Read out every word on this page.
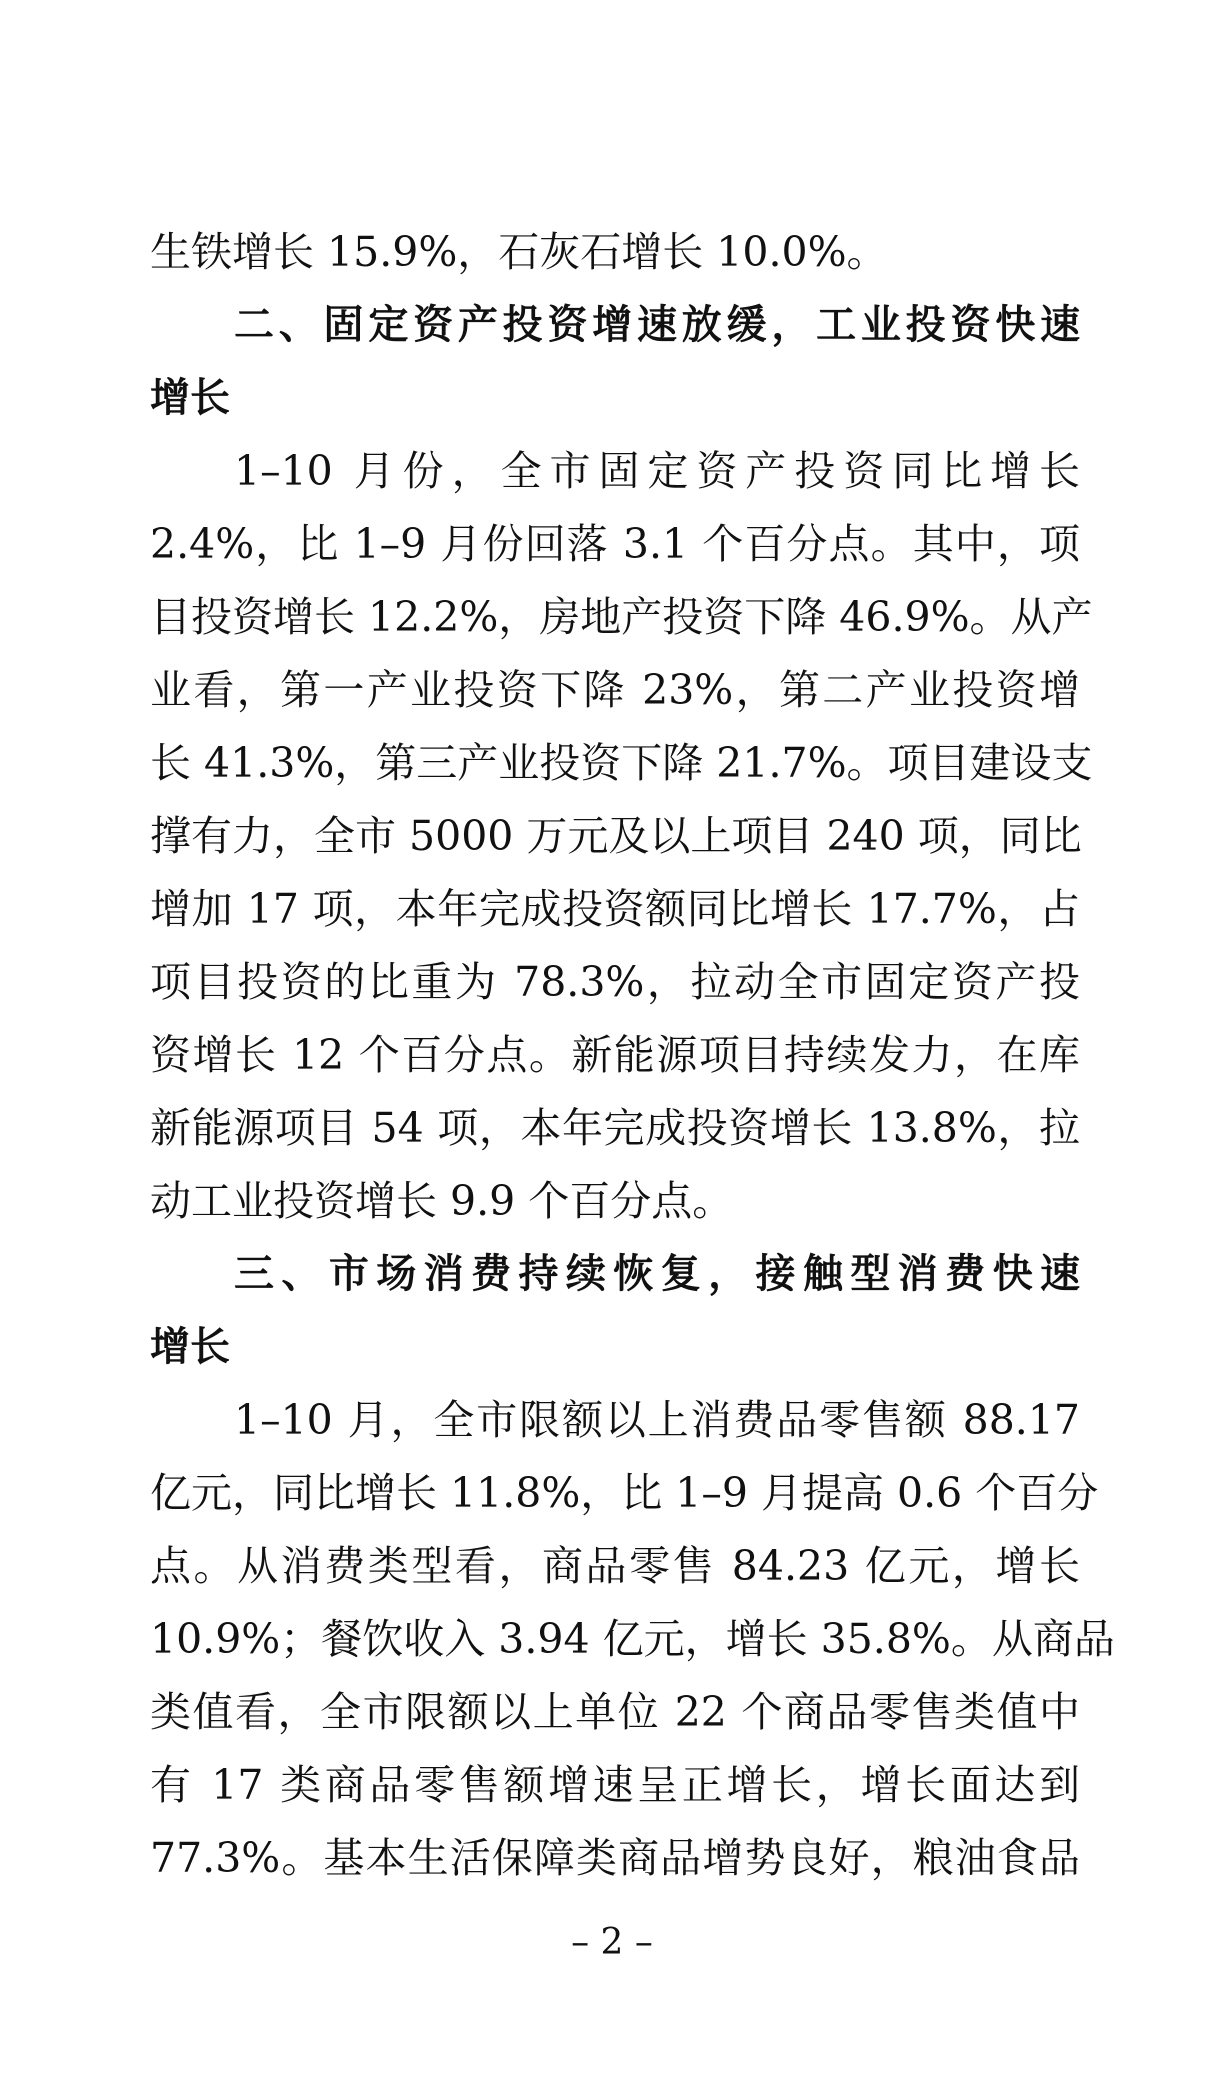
生铁增长 15.9%，石灰石增长 10.0%。
二、固定资产投资增速放缓，工业投资快速
增长
1–10 月份，全市固定资产投资同比增长
2.4%，比 1–9 月份回落 3.1 个百分点。其中，项
目投资增长 12.2%，房地产投资下降 46.9%。从产
业看，第一产业投资下降 23%，第二产业投资增
长 41.3%，第三产业投资下降 21.7%。项目建设支
撑有力，全市 5000 万元及以上项目 240 项，同比
增加 17 项，本年完成投资额同比增长 17.7%，占
项目投资的比重为 78.3%，拉动全市固定资产投
资增长 12 个百分点。新能源项目持续发力，在库
新能源项目 54 项，本年完成投资增长 13.8%，拉
动工业投资增长 9.9 个百分点。
三、市场消费持续恢复，接触型消费快速
增长
1–10 月，全市限额以上消费品零售额 88.17
亿元，同比增长 11.8%，比 1–9 月提高 0.6 个百分
点。从消费类型看，商品零售 84.23 亿元，增长
10.9%；餐饮收入 3.94 亿元，增长 35.8%。从商品
类值看，全市限额以上单位 22 个商品零售类值中
有 17 类商品零售额增速呈正增长，增长面达到
77.3%。基本生活保障类商品增势良好，粮油食品
– 2 –
